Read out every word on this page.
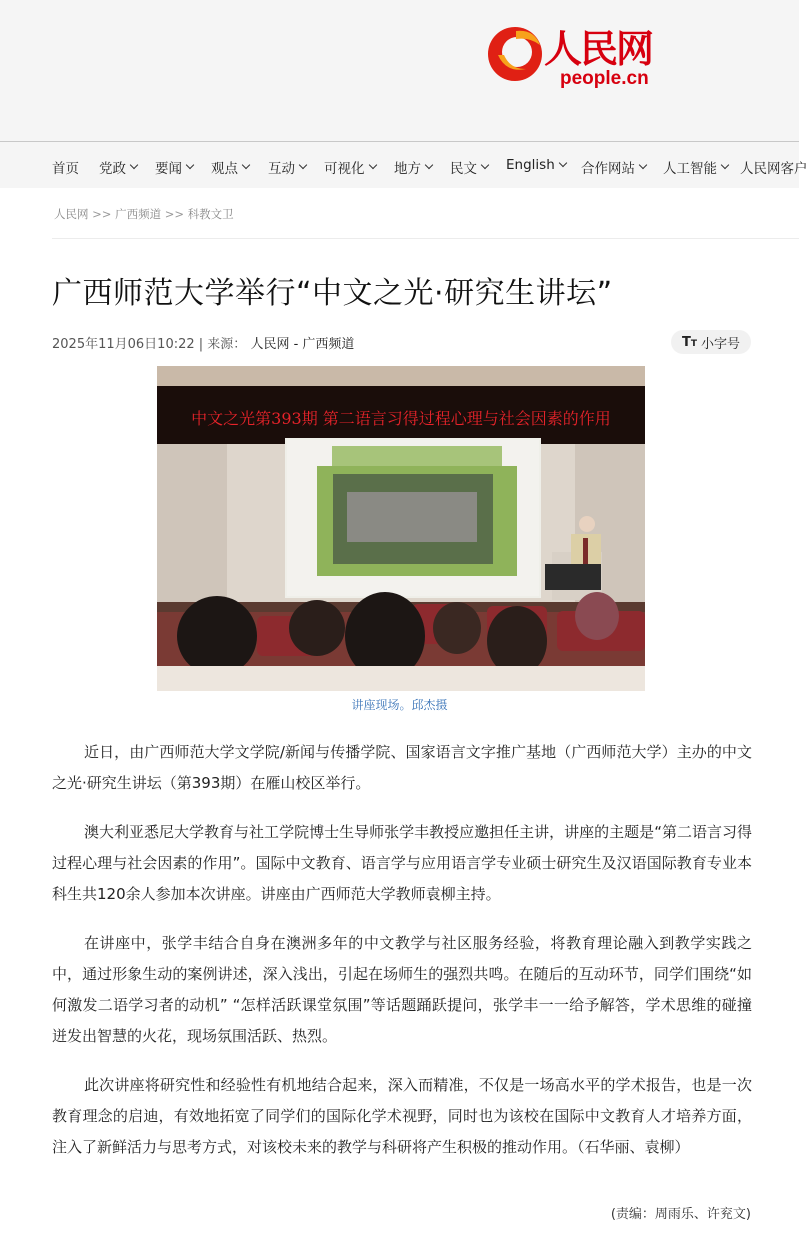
人民网
people.cn
首页 党政 要闻 观点 互动 可视化 地方 民文 English 合作网站 人工智能 人民网客户
人民网 >> 广西频道 >> 科教文卫
广西师范大学举行“中文之光·研究生讲坛”
2025年11月06日10:22 | 来源： 人民网 - 广西频道	TT 小字号
中文之光第393期 第二语言习得过程心理与社会因素的作用
讲座现场。邱杰摄

近日，由广西师范大学文学院/新闻与传播学院、国家语言文字推广基地（广西师范大学）主办的中文之光·研究生讲坛（第393期）在雁山校区举行。

澳大利亚悉尼大学教育与社工学院博士生导师张学丰教授应邀担任主讲，讲座的主题是“第二语言习得过程心理与社会因素的作用”。国际中文教育、语言学与应用语言学专业硕士研究生及汉语国际教育专业本科生共120余人参加本次讲座。讲座由广西师范大学教师袁柳主持。

在讲座中，张学丰结合自身在澳洲多年的中文教学与社区服务经验，将教育理论融入到教学实践之中，通过形象生动的案例讲述，深入浅出，引起在场师生的强烈共鸣。在随后的互动环节，同学们围绕“如何激发二语学习者的动机” “怎样活跃课堂氛围”等话题踊跃提问，张学丰一一给予解答，学术思维的碰撞迸发出智慧的火花，现场氛围活跃、热烈。

此次讲座将研究性和经验性有机地结合起来，深入而精准，不仅是一场高水平的学术报告，也是一次教育理念的启迪，有效地拓宽了同学们的国际化学术视野，同时也为该校在国际中文教育人才培养方面，注入了新鲜活力与思考方式，对该校未来的教学与科研将产生积极的推动作用。（石华丽、袁柳）

(责编：周雨乐、许兖文)
